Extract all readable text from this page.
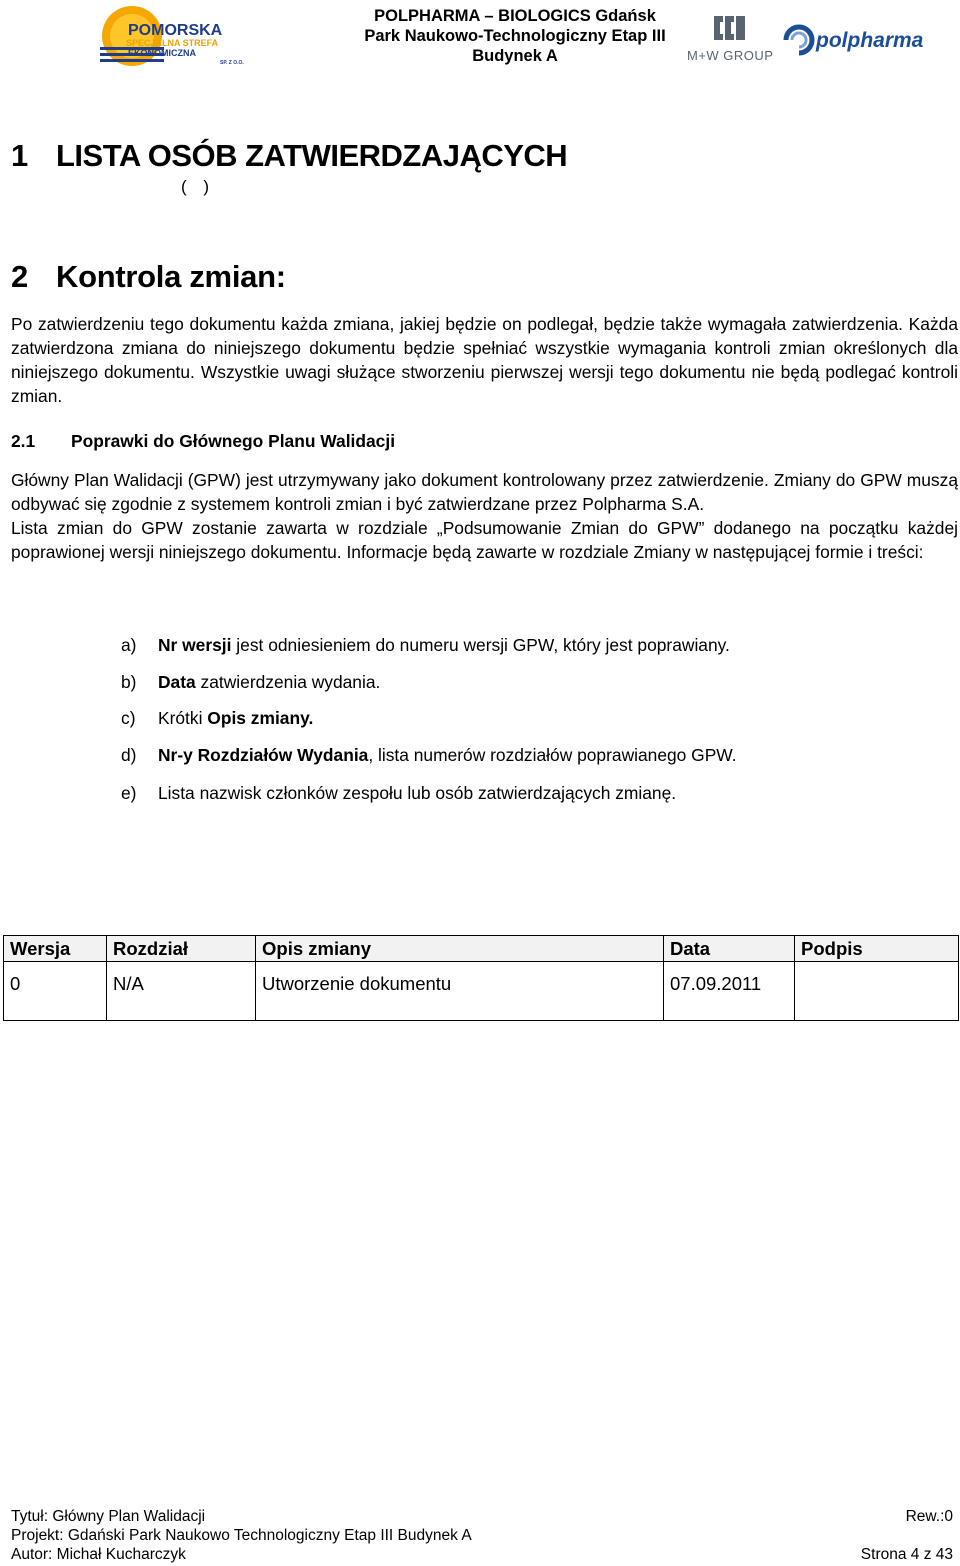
POMORSKA
SPECJALNA STREFA
EKONOMICZNA
SP. Z O.O.
POLPHARMA – BIOLOGICS Gdańsk
Park Naukowo-Technologiczny Etap III
Budynek A	M+W GROUP
polpharma
1 LISTA OSÓB ZATWIERDZAJĄCYCH
( )
2 Kontrola zmian:
Po zatwierdzeniu tego dokumentu każda zmiana, jakiej będzie on podlegał, będzie także wymagała zatwierdzenia. Każda zatwierdzona zmiana do niniejszego dokumentu będzie spełniać wszystkie wymagania kontroli zmian określonych dla niniejszego dokumentu. Wszystkie uwagi służące stworzeniu pierwszej wersji tego dokumentu nie będą podlegać kontroli zmian.
2.1 Poprawki do Głównego Planu Walidacji
Główny Plan Walidacji (GPW) jest utrzymywany jako dokument kontrolowany przez zatwierdzenie. Zmiany do GPW muszą odbywać się zgodnie z systemem kontroli zmian i być zatwierdzane przez Polpharma S.A.
Lista zmian do GPW zostanie zawarta w rozdziale „Podsumowanie Zmian do GPW” dodanego na początku każdej poprawionej wersji niniejszego dokumentu. Informacje będą zawarte w rozdziale Zmiany w następującej formie i treści:
a) Nr wersji jest odniesieniem do numeru wersji GPW, który jest poprawiany.
b) Data zatwierdzenia wydania.
c) Krótki Opis zmiany.
d) Nr-y Rozdziałów Wydania, lista numerów rozdziałów poprawianego GPW.
e) Lista nazwisk członków zespołu lub osób zatwierdzających zmianę.
Wersja	Rozdział	Opis zmiany	Data	Podpis
0	N/A	Utworzenie dokumentu	07.09.2011	
Tytuł: Główny Plan Walidacji	Rew.:0
Projekt: Gdański Park Naukowo Technologiczny Etap III Budynek A
Autor: Michał Kucharczyk	Strona 4 z 43
